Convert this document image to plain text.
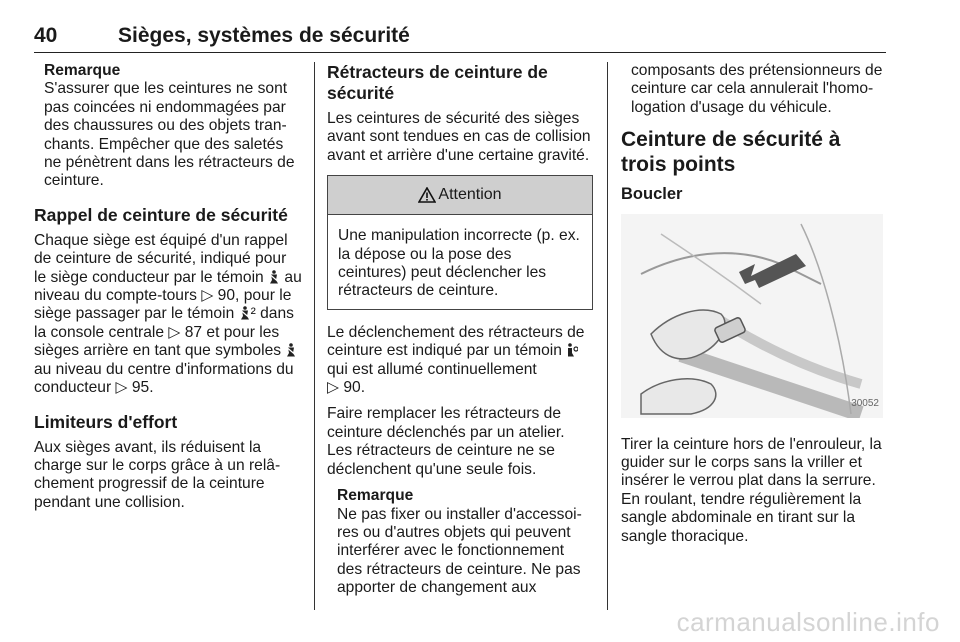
40	Sièges, systèmes de sécurité

Remarque

S'assurer que les ceintures ne sont pas coincées ni endommagées par des chaussures ou des objets tranchants. Empêcher que des saletés ne pénètrent dans les rétracteurs de ceinture.

Rappel de ceinture de sécurité

Chaque siège est équipé d'un rappel de ceinture de sécurité, indiqué pour le siège conducteur par le témoin au niveau du compte-tours ▷ 90, pour le siège passager par le témoin ² dans la console centrale ▷ 87 et pour les sièges arrière en tant que symboles  au niveau du centre d'informations du conducteur ▷ 95.

Limiteurs d'effort

Aux sièges avant, ils réduisent la charge sur le corps grâce à un relâchement progressif de la ceinture pendant une collision.

Rétracteurs de ceinture de sécurité

Les ceintures de sécurité des sièges avant sont tendues en cas de collision avant et arrière d'une certaine gravité.

Attention
Une manipulation incorrecte (p. ex. la dépose ou la pose des ceintures) peut déclencher les rétracteurs de ceinture.

Le déclenchement des rétracteurs de ceinture est indiqué par un témoin  qui est allumé continuellement
▷ 90.

Faire remplacer les rétracteurs de ceinture déclenchés par un atelier. Les rétracteurs de ceinture ne se déclenchent qu'une seule fois.

Remarque

Ne pas fixer ou installer d'accessoires ou d'autres objets qui peuvent interférer avec le fonctionnement des rétracteurs de ceinture. Ne pas apporter de changement aux

composants des prétensionneurs de ceinture car cela annulerait l'homologation d'usage du véhicule.

Ceinture de sécurité à trois points
Boucler
30052

Tirer la ceinture hors de l'enrouleur, la guider sur le corps sans la vriller et insérer le verrou plat dans la serrure. En roulant, tendre régulièrement la sangle abdominale en tirant sur la sangle thoracique.

carmanualsonline.info
